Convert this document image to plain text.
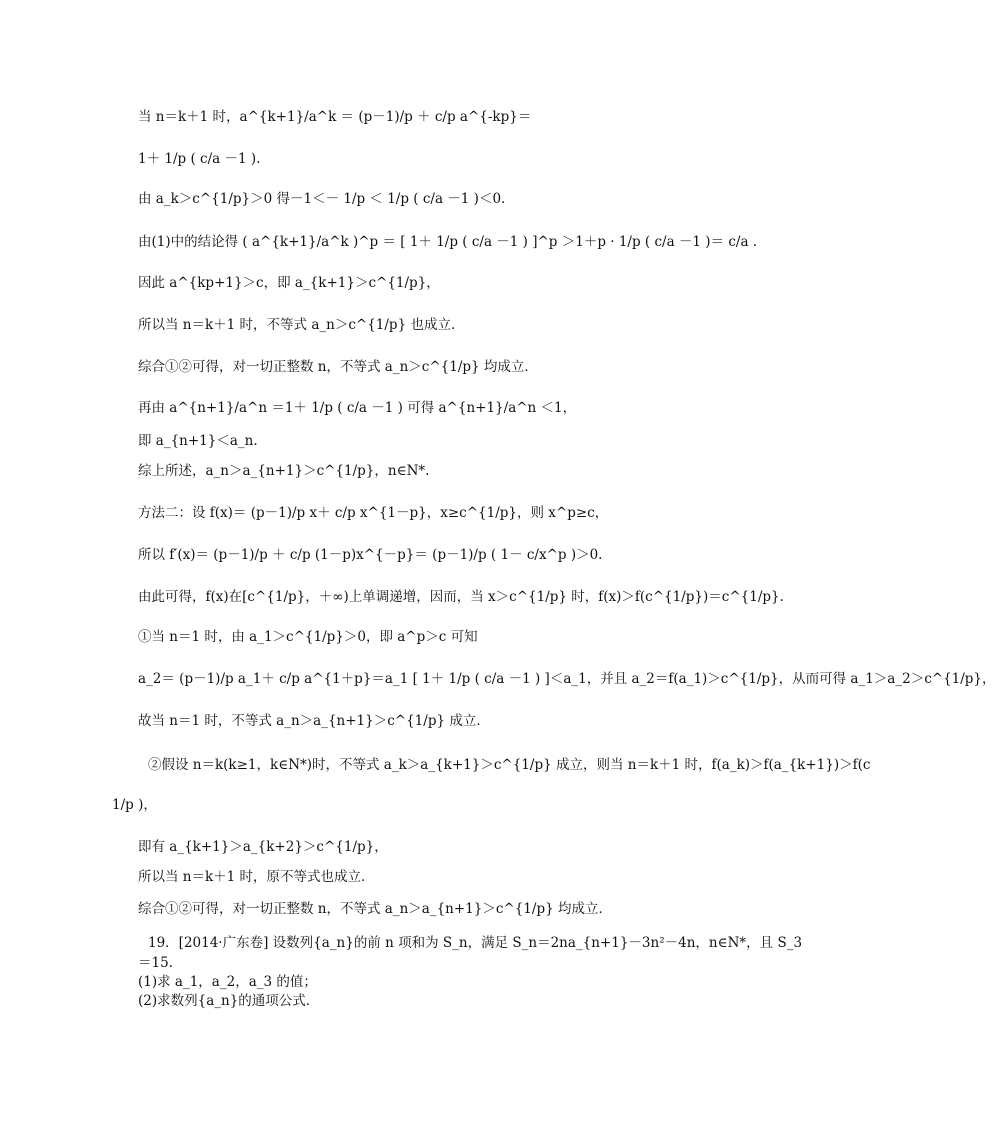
当 n＝k＋1 时，a^{k+1}/a^k ＝ (p－1)/p ＋ c/p a^{-kp}＝
1＋ 1/p ( c/a －1 ).
由 a_k＞c^{1/p}＞0 得－1＜－ 1/p ＜ 1/p ( c/a －1 )＜0.
由(1)中的结论得 ( a^{k+1}/a^k )^p ＝ [ 1＋ 1/p ( c/a －1 ) ]^p ＞1＋p · 1/p ( c/a －1 )＝ c/a .
因此 a^{kp+1}＞c，即 a_{k+1}＞c^{1/p}，
所以当 n＝k＋1 时，不等式 a_n＞c^{1/p} 也成立．
综合①②可得，对一切正整数 n，不等式 a_n＞c^{1/p} 均成立．
再由 a^{n+1}/a^n ＝1＋ 1/p ( c/a －1 ) 可得 a^{n+1}/a^n ＜1，
即 a_{n+1}＜a_n.
综上所述，a_n＞a_{n+1}＞c^{1/p}，n∈N*.
方法二：设 f(x)＝ (p－1)/p x＋ c/p x^{1－p}，x≥c^{1/p}，则 x^p≥c，
所以 f′(x)＝ (p－1)/p ＋ c/p (1－p)x^{－p}＝ (p－1)/p ( 1－ c/x^p )＞0.
由此可得，f(x)在[c^{1/p}，＋∞)上单调递增，因而，当 x＞c^{1/p} 时，f(x)＞f(c^{1/p})＝c^{1/p}.
①当 n＝1 时，由 a_1＞c^{1/p}＞0，即 a^p＞c 可知
a_2＝ (p－1)/p a_1＋ c/p a^{1＋p}＝a_1 [ 1＋ 1/p ( c/a －1 ) ]＜a_1，并且 a_2＝f(a_1)＞c^{1/p}，从而可得 a_1＞a_2＞c^{1/p}，
故当 n＝1 时，不等式 a_n＞a_{n+1}＞c^{1/p} 成立．
②假设 n＝k(k≥1，k∈N*)时，不等式 a_k＞a_{k+1}＞c^{1/p} 成立，则当 n＝k＋1 时，f(a_k)＞f(a_{k+1})＞f(c
1/p )，
即有 a_{k+1}＞a_{k+2}＞c^{1/p}，
所以当 n＝k＋1 时，原不等式也成立．
综合①②可得，对一切正整数 n，不等式 a_n＞a_{n+1}＞c^{1/p} 均成立．
19．[2014·广东卷] 设数列{a_n}的前 n 项和为 S_n，满足 S_n＝2na_{n+1}－3n²－4n，n∈N*，且 S_3
＝15.
(1)求 a_1，a_2，a_3 的值；
(2)求数列{a_n}的通项公式．
